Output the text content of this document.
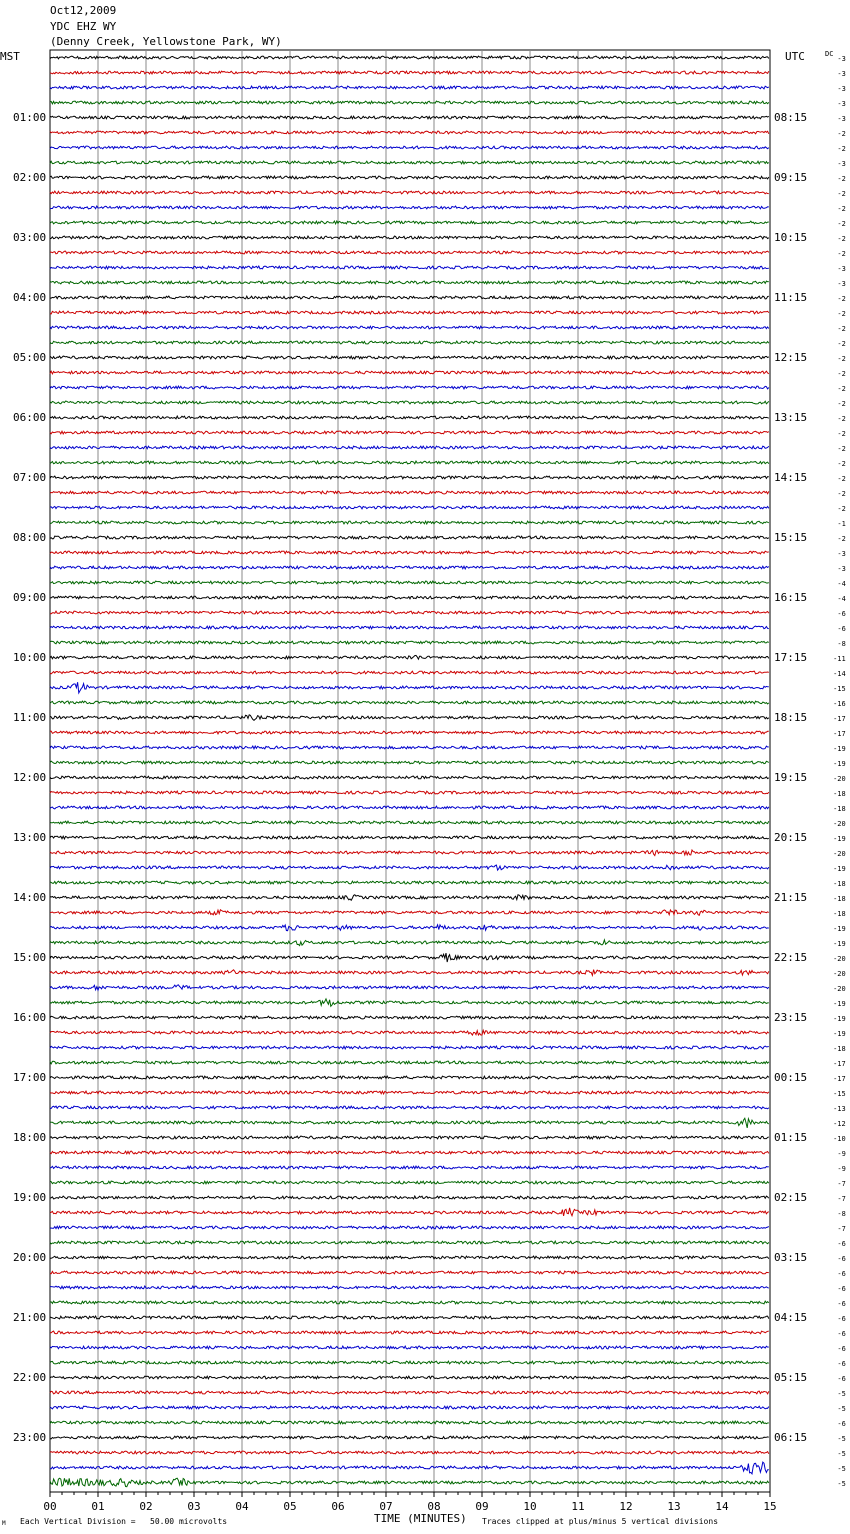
Oct12,2009
YDC EHZ WY
(Denny Creek, Yellowstone Park, WY)
MST	UTC	DC
00	01	02	03	04	05	06	07	08	09	10	11	12	13	14	15
01:00	08:15
02:00	09:15
03:00	10:15
04:00	11:15
05:00	12:15
06:00	13:15
07:00	14:15
08:00	15:15
09:00	16:15
10:00	17:15
11:00	18:15
12:00	19:15
13:00	20:15
14:00	21:15
15:00	22:15
16:00	23:15
17:00	00:15
18:00	01:15
19:00	02:15
20:00	03:15
21:00	04:15
22:00	05:15
23:00	06:15
-3
-3
-3
-3
-3
-2
-2
-3
-2
-2
-2
-2
-2
-2
-3
-3
-2
-2
-2
-2
-2
-2
-2
-2
-2
-2
-2
-2
-2
-2
-2
-1
-2
-3
-3
-4
-4
-6
-6
-8
-11
-14
-15
-16
-17
-17
-19
-19
-20
-18
-18
-20
-19
-20
-19
-18
-18
-18
-19
-19
-20
-20
-20
-19
-19
-19
-18
-17
-17
-15
-13
-12
-10
-9
-9
-7
-7
-8
-7
-6
-6
-6
-6
-6
-6
-6
-6
-6
-6
-5
-5
-6
-5
-5
-5
-5
Each Vertical Division =   50.00 microvolts	TIME (MINUTES) Traces clipped at plus/minus 5 vertical divisions
M
